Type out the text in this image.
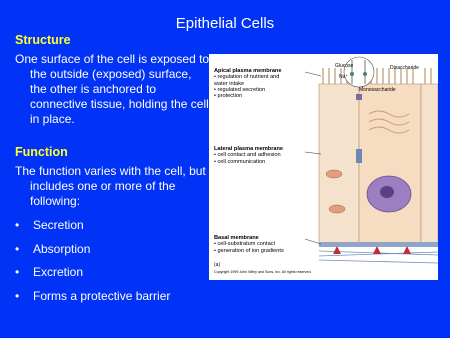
Epithelial Cells
Structure
One surface of the cell is exposed to the outside (exposed) surface, the other is anchored to connective tissue, holding the cell in place.
Function
The function varies with the cell, but includes one or more of the following:
• Secretion
• Absorption
• Excretion
• Forms a protective barrier
Apical plasma membrane
• regulation of nutrient and
water intake
• regulated secretion
• protection
Lateral plasma membrane
• cell contact and adhesion
• cell communication
Basal membrane
• cell-substratum contact
• generation of ion gradients
Glucose
Na⁺
Disaccharide
Monosaccharide
(a)
Copyright 1999 John Wiley and Sons, Inc. All rights reserved.
